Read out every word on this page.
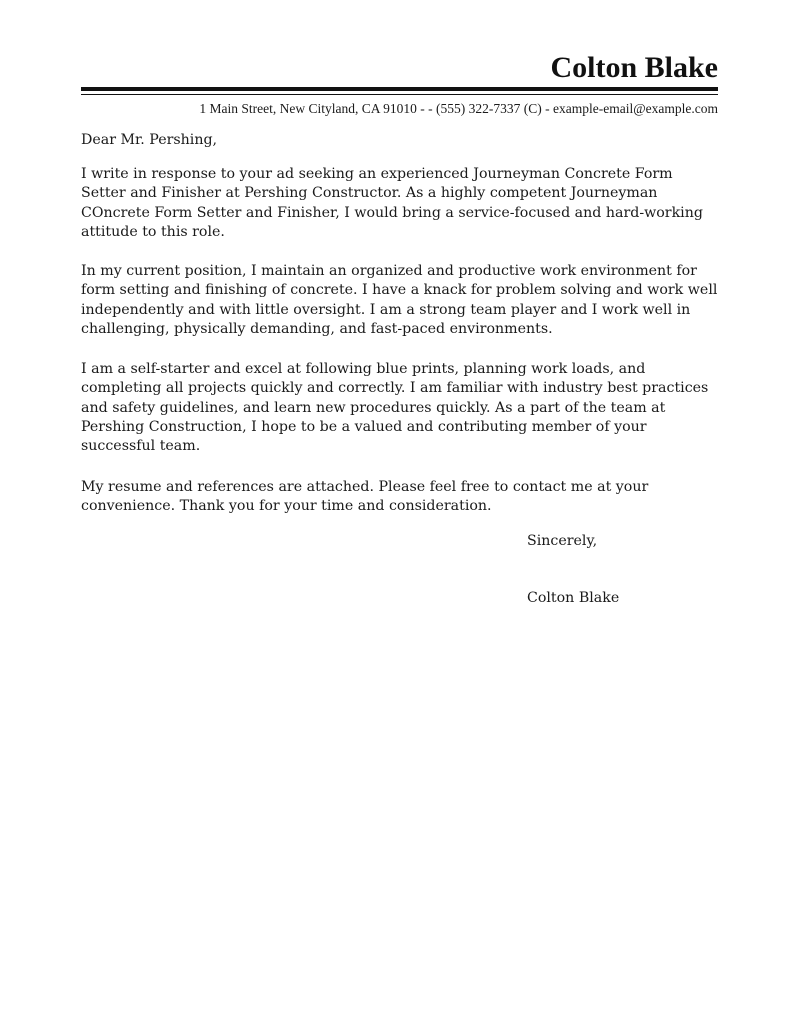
Colton Blake
1 Main Street, New Cityland, CA 91010 - - (555) 322-7337 (C) - example-email@example.com
Dear Mr. Pershing,

I write in response to your ad seeking an experienced Journeyman Concrete Form Setter and Finisher at Pershing Constructor. As a highly competent Journeyman COncrete Form Setter and Finisher, I would bring a service-focused and hard-working attitude to this role.

In my current position, I maintain an organized and productive work environment for form setting and finishing of concrete. I have a knack for problem solving and work well independently and with little oversight. I am a strong team player and I work well in challenging, physically demanding, and fast-paced environments.

I am a self-starter and excel at following blue prints, planning work loads, and completing all projects quickly and correctly. I am familiar with industry best practices and safety guidelines, and learn new procedures quickly. As a part of the team at Pershing Construction, I hope to be a valued and contributing member of your successful team.

My resume and references are attached. Please feel free to contact me at your convenience. Thank you for your time and consideration.

Sincerely,
Colton Blake
